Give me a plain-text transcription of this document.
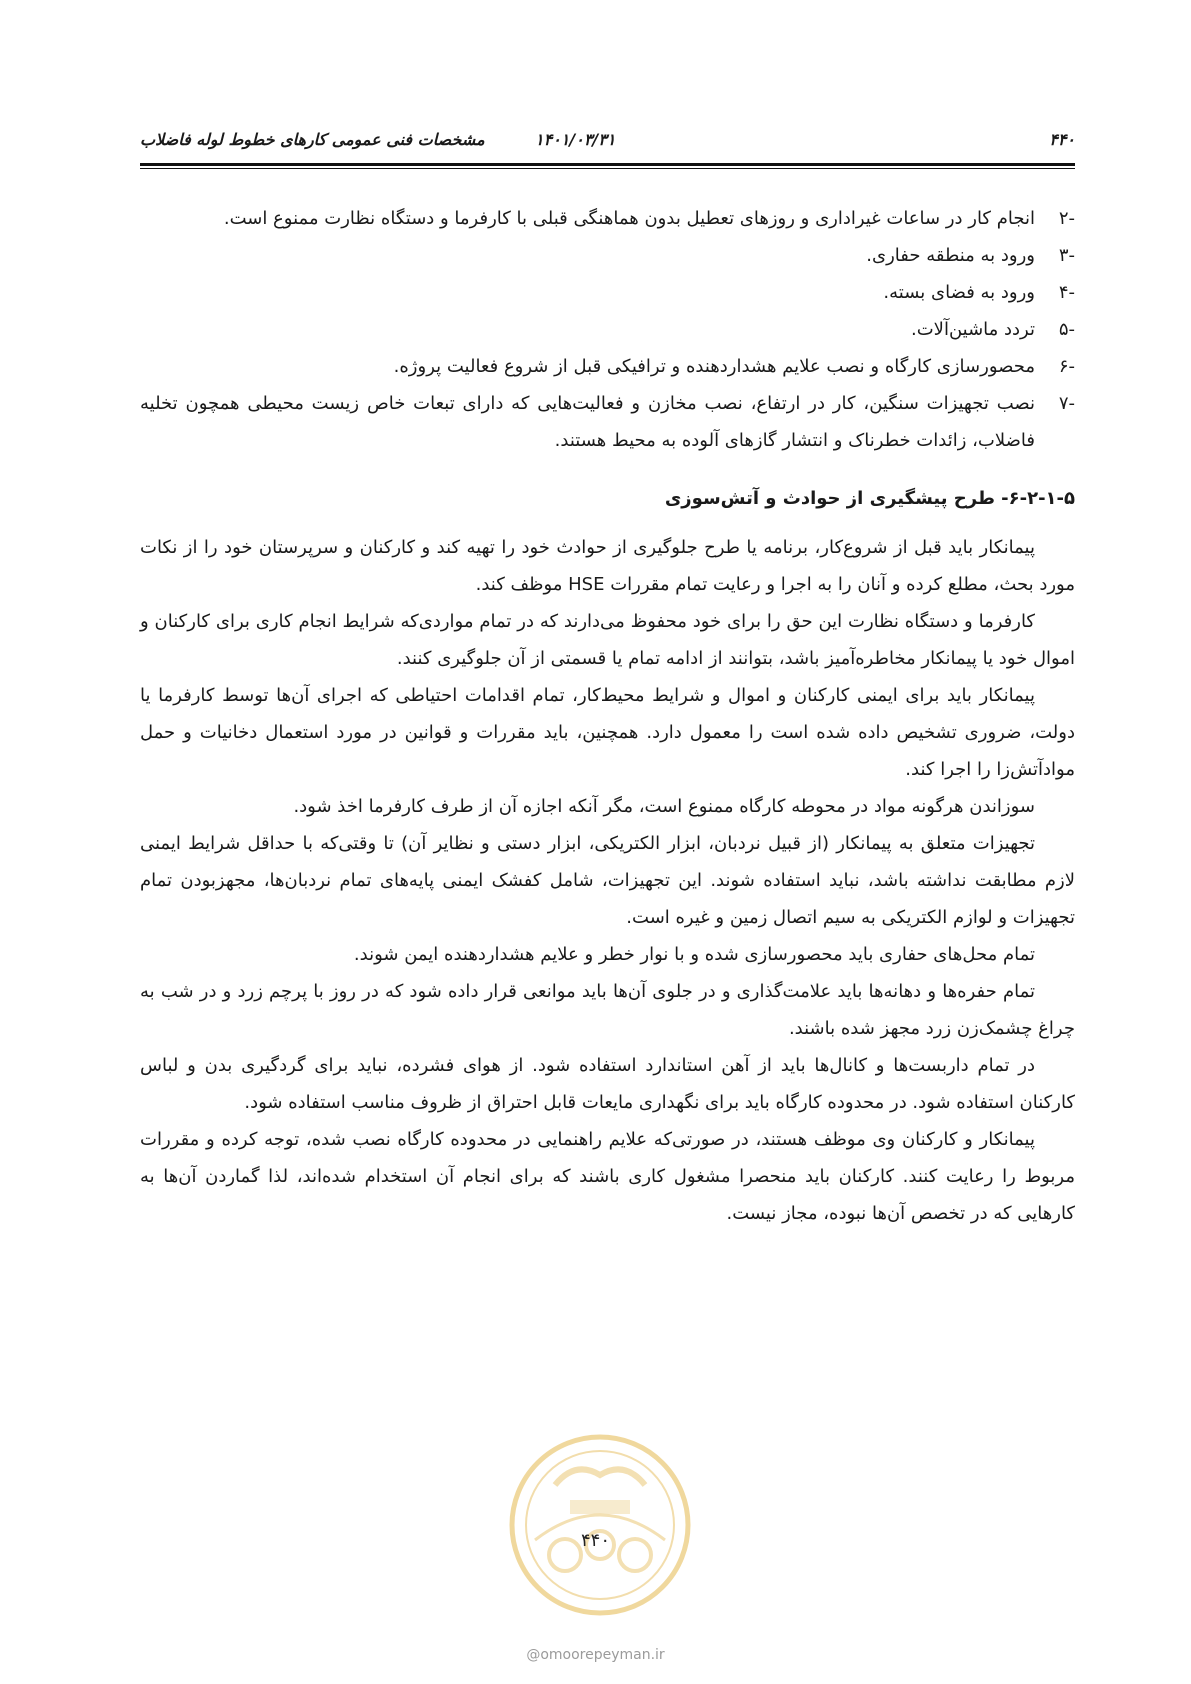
مشخصات فنی عمومی کارهای خطوط لوله فاضلاب	۱۴۰۱/۰۳/۳۱	۴۴۰
-۲
انجام کار در ساعات غیراداری و روزهای تعطیل بدون هماهنگی قبلی با کارفرما و دستگاه نظارت ممنوع است.
-۳
ورود به منطقه حفاری.
-۴
ورود به فضای بسته.
-۵
تردد ماشین‌آلات.
-۶
محصورسازی کارگاه و نصب علایم هشداردهنده و ترافیکی قبل از شروع فعالیت پروژه.
-۷
نصب تجهیزات سنگین، کار در ارتفاع، نصب مخازن و فعالیت‌هایی که دارای تبعات خاص زیست محیطی همچون تخلیه فاضلاب، زائدات خطرناک و انتشار گازهای آلوده به محیط هستند.
۶-۲-۱-۵- طرح پیشگیری از حوادث و آتش‌سوزی

پیمانکار باید قبل از شروع‌کار، برنامه یا طرح جلوگیری از حوادث خود را تهیه کند و کارکنان و سرپرستان خود را از نکات مورد بحث، مطلع کرده و آنان را به اجرا و رعایت تمام مقررات HSE موظف کند.

کارفرما و دستگاه نظارت این حق را برای خود محفوظ می‌دارند که در تمام مواردی‌که شرایط انجام کاری برای کارکنان و اموال خود یا پیمانکار مخاطره‌آمیز باشد، بتوانند از ادامه تمام یا قسمتی از آن جلوگیری کنند.

پیمانکار باید برای ایمنی کارکنان و اموال و شرایط محیط‌کار، تمام اقدامات احتیاطی که اجرای آن‌ها توسط کارفرما یا دولت، ضروری تشخیص داده شده است را معمول دارد. همچنین، باید مقررات و قوانین در مورد استعمال دخانیات و حمل موادآتش‌زا را اجرا کند.

سوزاندن هرگونه مواد در محوطه کارگاه ممنوع است، مگر آنکه اجازه آن از طرف کارفرما اخذ شود.

تجهیزات متعلق به پیمانکار (از قبیل نردبان، ابزار الکتریکی، ابزار دستی و نظایر آن) تا وقتی‌که با حداقل شرایط ایمنی لازم مطابقت نداشته باشد، نباید استفاده شوند. این تجهیزات، شامل کفشک ایمنی پایه‌های تمام نردبان‌ها، مجهزبودن تمام تجهیزات و لوازم الکتریکی به سیم اتصال زمین و غیره است.

تمام محل‌های حفاری باید محصورسازی شده و با نوار خطر و علایم هشداردهنده ایمن شوند.

تمام حفره‌ها و دهانه‌ها باید علامت‌گذاری و در جلوی آن‌ها باید موانعی قرار داده شود که در روز با پرچم زرد و در شب به چراغ چشمک‌زن زرد مجهز شده باشند.

در تمام داربست‌ها و کانال‌ها باید از آهن استاندارد استفاده شود. از هوای فشرده، نباید برای گردگیری بدن و لباس کارکنان استفاده شود. در محدوده کارگاه باید برای نگهداری مایعات قابل احتراق از ظروف مناسب استفاده شود.

پیمانکار و کارکنان وی موظف هستند، در صورتی‌که علایم راهنمایی در محدوده کارگاه نصب شده، توجه کرده و مقررات مربوط را رعایت کنند. کارکنان باید منحصرا مشغول کاری باشند که برای انجام آن استخدام شده‌اند، لذا گماردن آن‌ها به کارهایی که در تخصص آن‌ها نبوده، مجاز نیست.

۴۴۰
@omoorepeyman.ir
